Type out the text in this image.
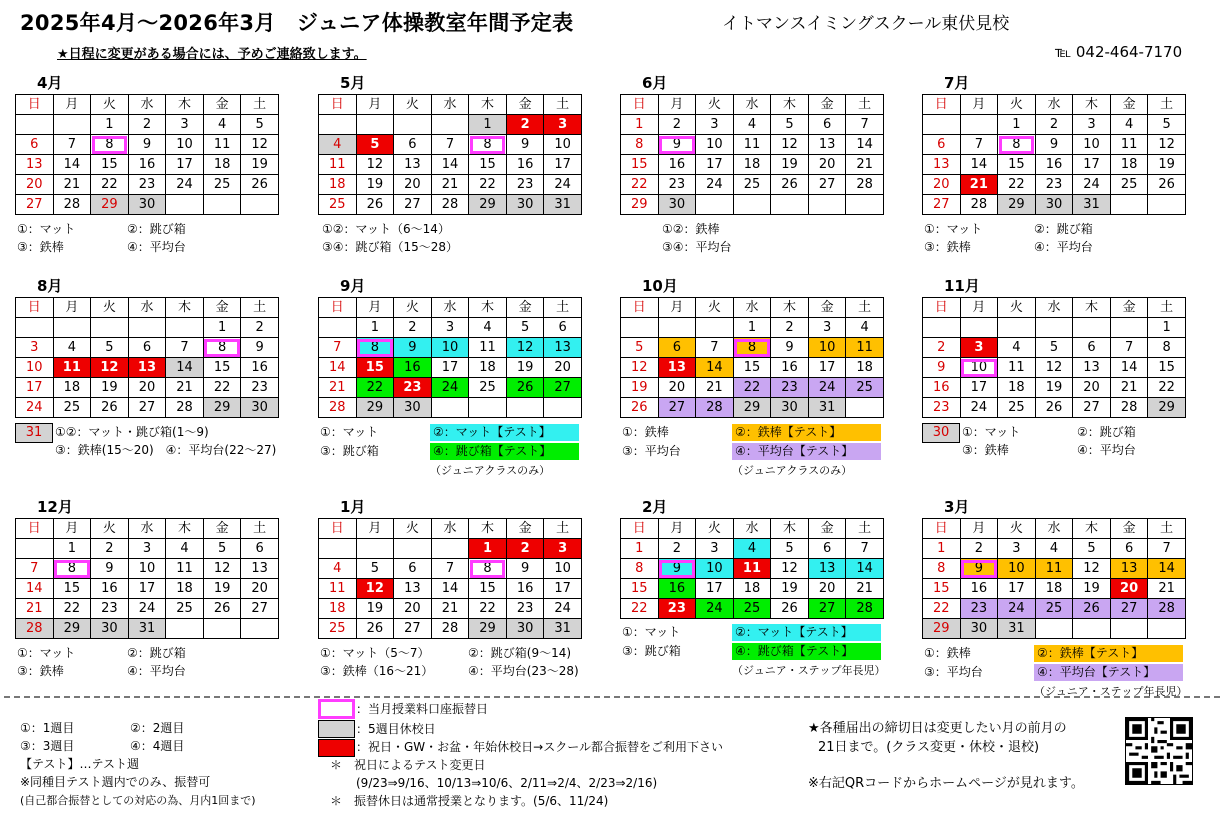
2025年4月～2026年3月　ジュニア体操教室年間予定表	イトマンスイミングスクール東伏見校
★日程に変更がある場合には、予めご連絡致します。	℡ 042-464-7170
4月
日	月	火	水	木	金	土
		1	2	3	4	5
6	7	8	9	10	11	12
13	14	15	16	17	18	19
20	21	22	23	24	25	26
27	28	29	30			
①：マット	②：跳び箱
③：鉄棒	④：平均台
5月
日	月	火	水	木	金	土
				1	2	3
4	5	6	7	8	9	10
11	12	13	14	15	16	17
18	19	20	21	22	23	24
25	26	27	28	29	30	31
①②：マット（6～14）
③④：跳び箱（15～28）
6月
日	月	火	水	木	金	土
1	2	3	4	5	6	7
8	9	10	11	12	13	14
15	16	17	18	19	20	21
22	23	24	25	26	27	28
29	30					
①②：鉄棒
③④：平均台
7月
日	月	火	水	木	金	土
		1	2	3	4	5
6	7	8	9	10	11	12
13	14	15	16	17	18	19
20	21	22	23	24	25	26
27	28	29	30	31		
①：マット	②：跳び箱
③：鉄棒	④：平均台
8月
日	月	火	水	木	金	土
					1	2
3	4	5	6	7	8	9
10	11	12	13	14	15	16
17	18	19	20	21	22	23
24	25	26	27	28	29	30
31	①②：マット・跳び箱(1～9)
③：鉄棒(15～20)　④：平均台(22～27)
9月
日	月	火	水	木	金	土
	1	2	3	4	5	6
7	8	9	10	11	12	13
14	15	16	17	18	19	20
21	22	23	24	25	26	27
28	29	30				
①：マット
③：跳び箱
②：マット【テスト】
④：跳び箱【テスト】
（ジュニアクラスのみ）
10月
日	月	火	水	木	金	土
			1	2	3	4
5	6	7	8	9	10	11
12	13	14	15	16	17	18
19	20	21	22	23	24	25
26	27	28	29	30	31	
①：鉄棒
③：平均台
②：鉄棒【テスト】
④：平均台【テスト】
（ジュニアクラスのみ）
11月
日	月	火	水	木	金	土
						1
2	3	4	5	6	7	8
9	10	11	12	13	14	15
16	17	18	19	20	21	22
23	24	25	26	27	28	29
30	①：マット	②：跳び箱
③：鉄棒	④：平均台
12月
日	月	火	水	木	金	土
	1	2	3	4	5	6
7	8	9	10	11	12	13
14	15	16	17	18	19	20
21	22	23	24	25	26	27
28	29	30	31			
①：マット	②：跳び箱
③：鉄棒	④：平均台
1月
日	月	火	水	木	金	土
				1	2	3
4	5	6	7	8	9	10
11	12	13	14	15	16	17
18	19	20	21	22	23	24
25	26	27	28	29	30	31
①：マット（5～7）	②：跳び箱(9～14)
③：鉄棒（16～21）	④：平均台(23～28)
2月
日	月	火	水	木	金	土
1	2	3	4	5	6	7
8	9	10	11	12	13	14
15	16	17	18	19	20	21
22	23	24	25	26	27	28
①：マット
③：跳び箱
②：マット【テスト】
④：跳び箱【テスト】
（ジュニア・ステップ年長児）
3月
日	月	火	水	木	金	土
1	2	3	4	5	6	7
8	9	10	11	12	13	14
15	16	17	18	19	20	21
22	23	24	25	26	27	28
29	30	31				
①：鉄棒
③：平均台
②：鉄棒【テスト】
④：平均台【テスト】
（ジュニア・ステップ年長児）
①：1週目	②：2週目
③：3週目	④：4週目
【テスト】…テスト週
※同種目テスト週内でのみ、振替可
(自己都合振替としての対応の為、月内1回まで)
：当月授業料口座振替日
：5週目休校日
：祝日・GW・お盆・年始休校日→スクール都合振替をご利用下さい
＊　祝日によるテスト変更日
(9/23⇒9/16、10/13⇒10/6、2/11⇒2/4、2/23⇒2/16)
＊　振替休日は通常授業となります。(5/6、11/24)
★各種届出の締切日は変更したい月の前月の
21日まで。(クラス変更・休校・退校)
※右記QRコードからホームページが見れます。
